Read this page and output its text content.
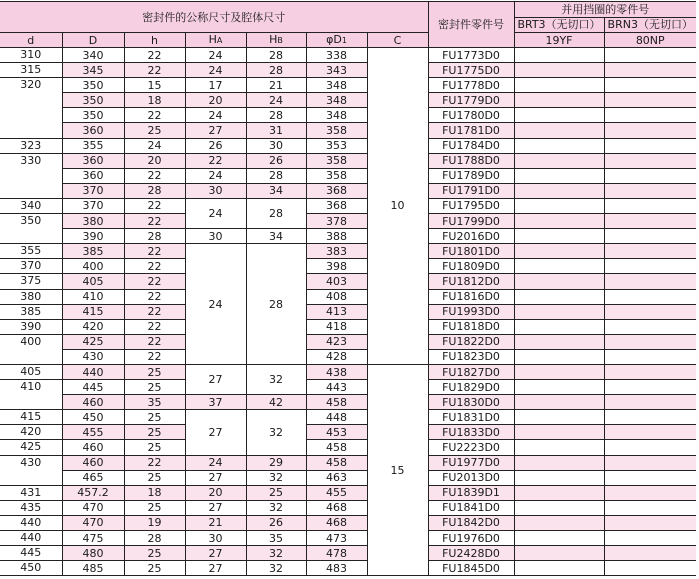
密封件的公称尺寸及腔体尺寸							密封件零件号	并用挡圈的零件号	
								BRT3（无切口）	BRN3（无切口）
d	D	h	HA	HB	φD1	C		19YF	80NP
310	340	22	24	28	338	10	FU1773D0		
315	345	22	24	28	343		FU1775D0		
320	350	15	17	21	348		FU1778D0		
	350	18	20	24	348		FU1779D0		
	350	22	24	28	348		FU1780D0		
	360	25	27	31	358		FU1781D0		
323	355	24	26	30	353		FU1784D0		
330	360	20	22	26	358		FU1788D0		
	360	22	24	28	358		FU1789D0		
	370	28	30	34	368		FU1791D0		
340	370	22	24	28	368		FU1795D0		
350	380	22			378		FU1799D0		
	390	28	30	34	388		FU2016D0		
355	385	22	24	28	383		FU1801D0		
370	400	22			398		FU1809D0		
375	405	22			403		FU1812D0		
380	410	22			408		FU1816D0		
385	415	22			413		FU1993D0		
390	420	22			418		FU1818D0		
400	425	22			423		FU1822D0		
	430	22			428		FU1823D0		
405	440	25	27	32	438	15	FU1827D0		
410	445	25			443		FU1829D0		
	460	35	37	42	458		FU1830D0		
415	450	25	27	32	448		FU1831D0		
420	455	25			453		FU1833D0		
425	460	25			458		FU2223D0		
430	460	22	24	29	458		FU1977D0		
	465	25	27	32	463		FU2013D0		
431	457.2	18	20	25	455		FU1839D1		
435	470	25	27	32	468		FU1841D0		
440	470	19	21	26	468		FU1842D0		
440	475	28	30	35	473		FU1976D0		
445	480	25	27	32	478		FU2428D0		
450	485	25	27	32	483		FU1845D0		
